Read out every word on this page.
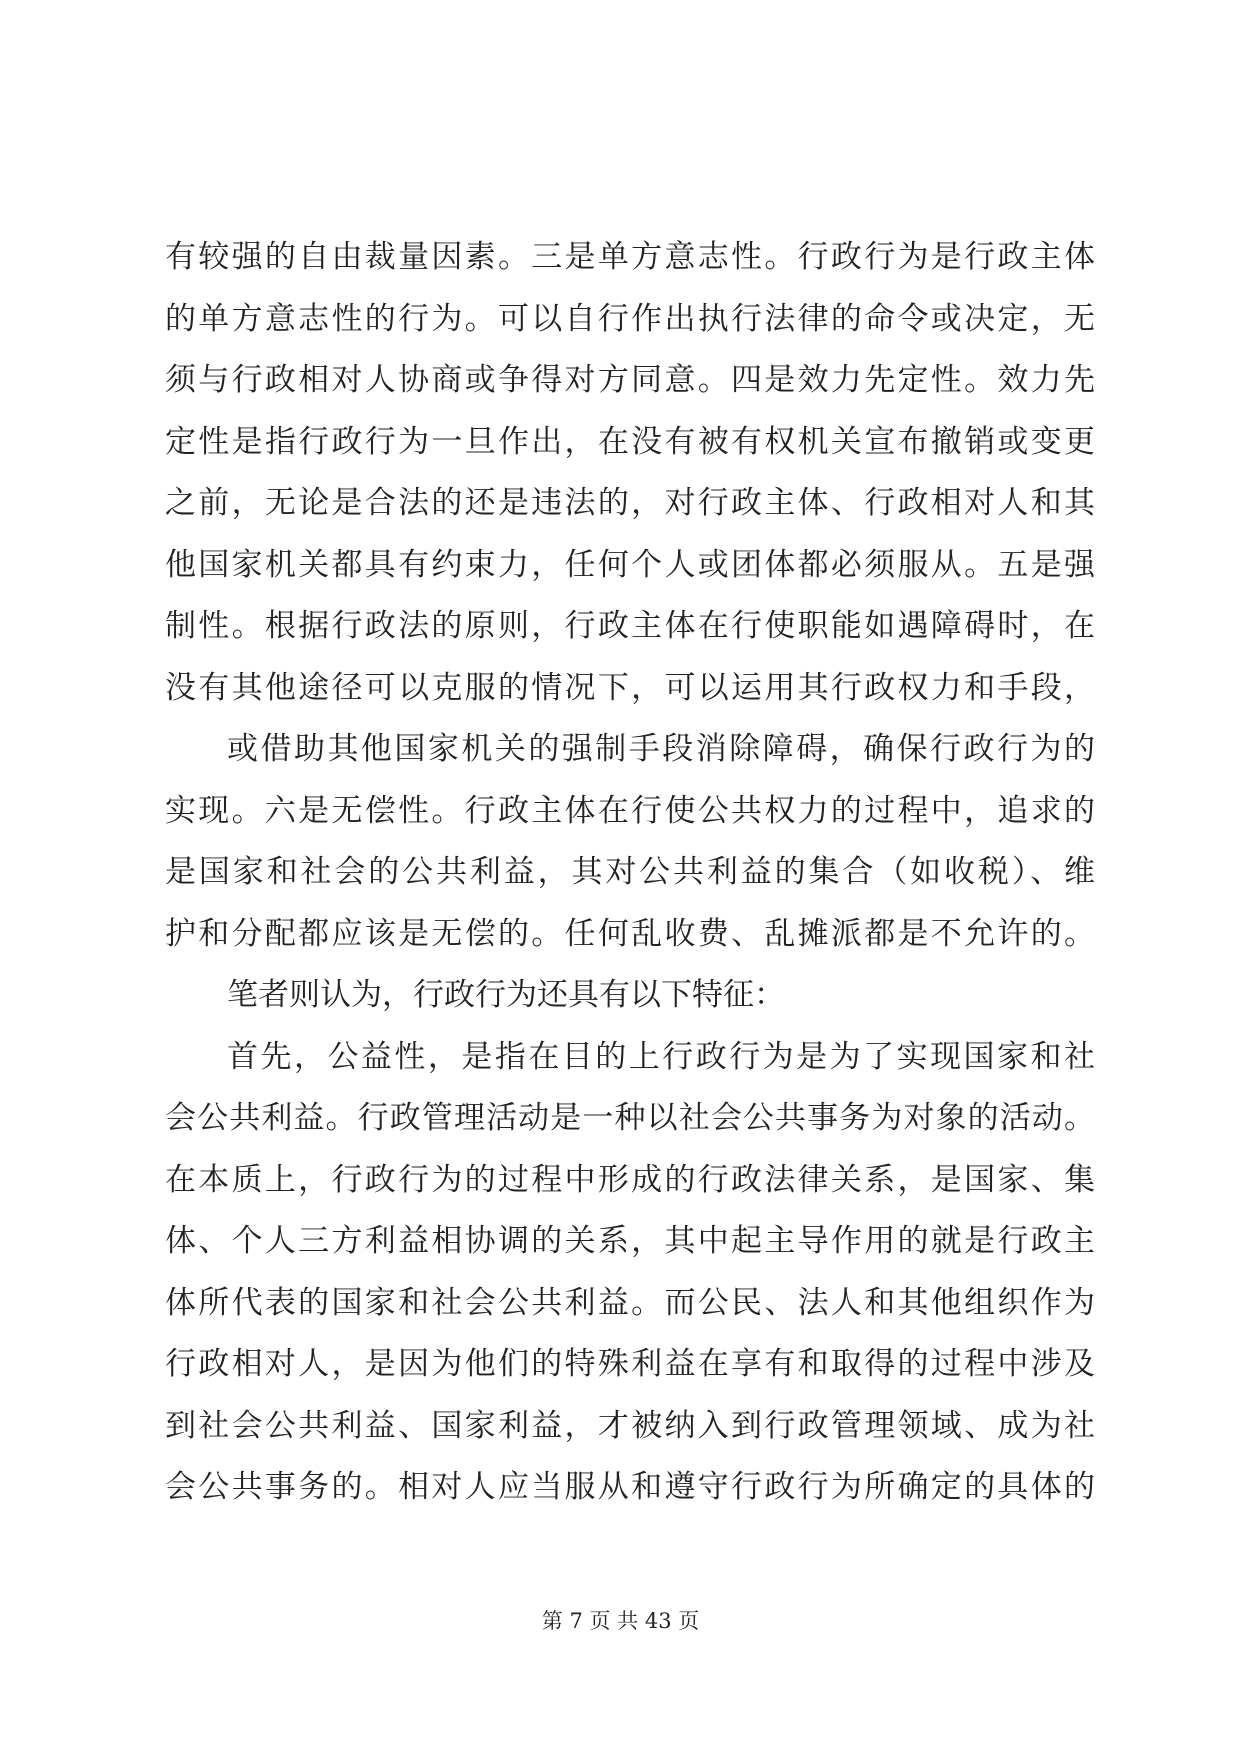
有较强的自由裁量因素。三是单方意志性。行政行为是行政主体
的单方意志性的行为。可以自行作出执行法律的命令或决定，无
须与行政相对人协商或争得对方同意。四是效力先定性。效力先
定性是指行政行为一旦作出，在没有被有权机关宣布撤销或变更
之前，无论是合法的还是违法的，对行政主体、行政相对人和其
他国家机关都具有约束力，任何个人或团体都必须服从。五是强
制性。根据行政法的原则，行政主体在行使职能如遇障碍时，在
没有其他途径可以克服的情况下，可以运用其行政权力和手段，
或借助其他国家机关的强制手段消除障碍，确保行政行为的
实现。六是无偿性。行政主体在行使公共权力的过程中，追求的
是国家和社会的公共利益，其对公共利益的集合（如收税）、维
护和分配都应该是无偿的。任何乱收费、乱摊派都是不允许的。
笔者则认为，行政行为还具有以下特征：
首先，公益性，是指在目的上行政行为是为了实现国家和社
会公共利益。行政管理活动是一种以社会公共事务为对象的活动。
在本质上，行政行为的过程中形成的行政法律关系，是国家、集
体、个人三方利益相协调的关系，其中起主导作用的就是行政主
体所代表的国家和社会公共利益。而公民、法人和其他组织作为
行政相对人，是因为他们的特殊利益在享有和取得的过程中涉及
到社会公共利益、国家利益，才被纳入到行政管理领域、成为社
会公共事务的。相对人应当服从和遵守行政行为所确定的具体的
第 7 页 共 43 页
